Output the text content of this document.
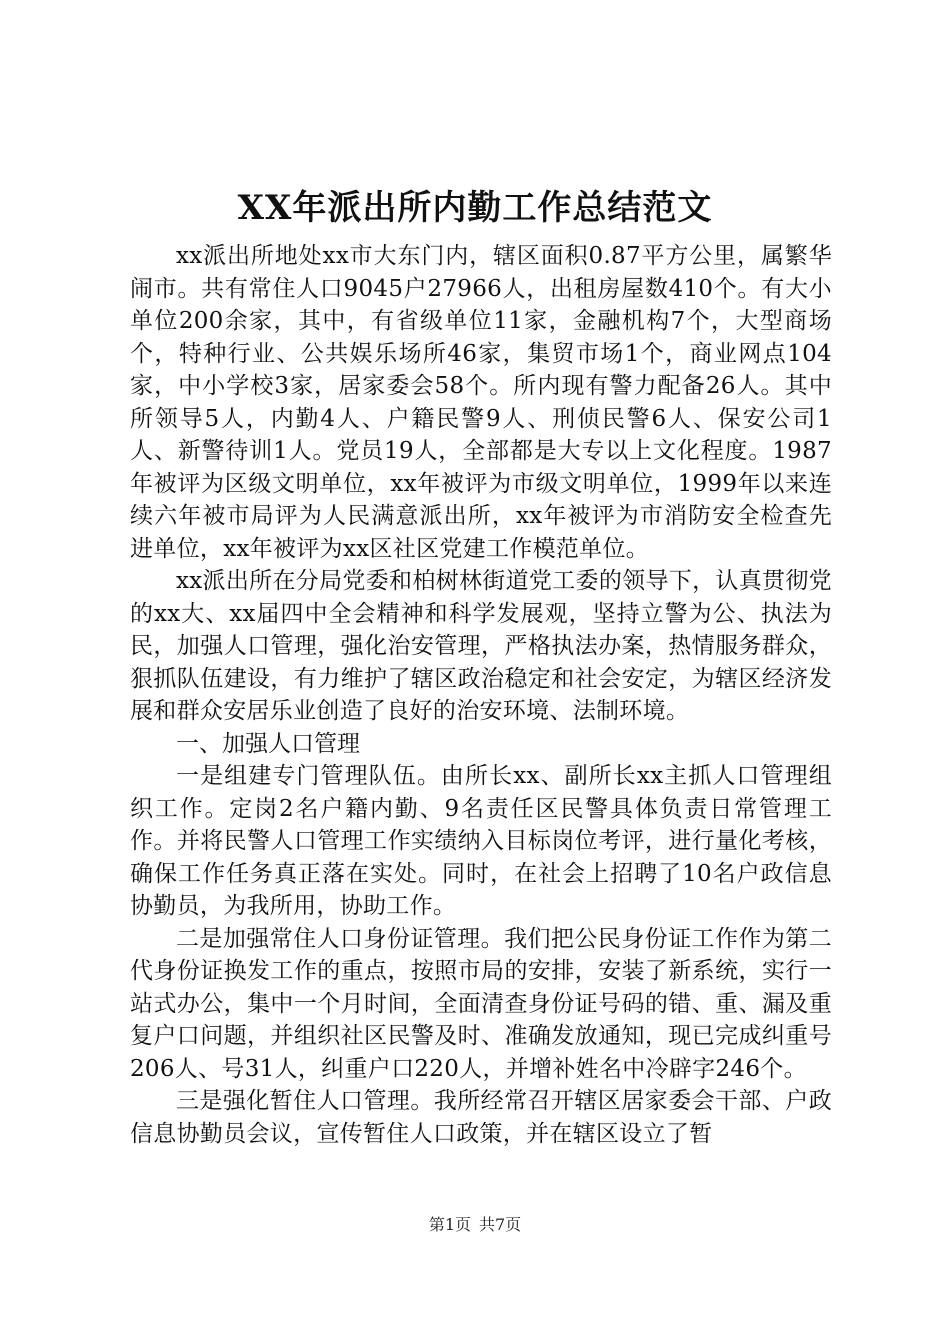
XX年派出所内勤工作总结范文

xx派出所地处xx市大东门内，辖区面积0.87平方公里，属繁华闹市。共有常住人口9045户27966人，出租房屋数410个。有大小单位200余家，其中，有省级单位11家，金融机构7个，大型商场个，特种行业、公共娱乐场所46家，集贸市场1个，商业网点104家，中小学校3家，居家委会58个。所内现有警力配备26人。其中所领导5人，内勤4人、户籍民警9人、刑侦民警6人、保安公司1人、新警待训1人。党员19人，全部都是大专以上文化程度。1987年被评为区级文明单位，xx年被评为市级文明单位，1999年以来连续六年被市局评为人民满意派出所，xx年被评为市消防安全检查先进单位，xx年被评为xx区社区党建工作模范单位。

xx派出所在分局党委和柏树林街道党工委的领导下，认真贯彻党的xx大、xx届四中全会精神和科学发展观，坚持立警为公、执法为民，加强人口管理，强化治安管理，严格执法办案，热情服务群众，狠抓队伍建设，有力维护了辖区政治稳定和社会安定，为辖区经济发展和群众安居乐业创造了良好的治安环境、法制环境。

一、加强人口管理

一是组建专门管理队伍。由所长xx、副所长xx主抓人口管理组织工作。定岗2名户籍内勤、9名责任区民警具体负责日常管理工作。并将民警人口管理工作实绩纳入目标岗位考评，进行量化考核，确保工作任务真正落在实处。同时，在社会上招聘了10名户政信息协勤员，为我所用，协助工作。

二是加强常住人口身份证管理。我们把公民身份证工作作为第二代身份证换发工作的重点，按照市局的安排，安装了新系统，实行一站式办公，集中一个月时间，全面清查身份证号码的错、重、漏及重复户口问题，并组织社区民警及时、准确发放通知，现已完成纠重号206人、号31人，纠重户口220人，并增补姓名中冷辟字246个。

三是强化暂住人口管理。我所经常召开辖区居家委会干部、户政信息协勤员会议，宣传暂住人口政策，并在辖区设立了暂

第1页 共7页
